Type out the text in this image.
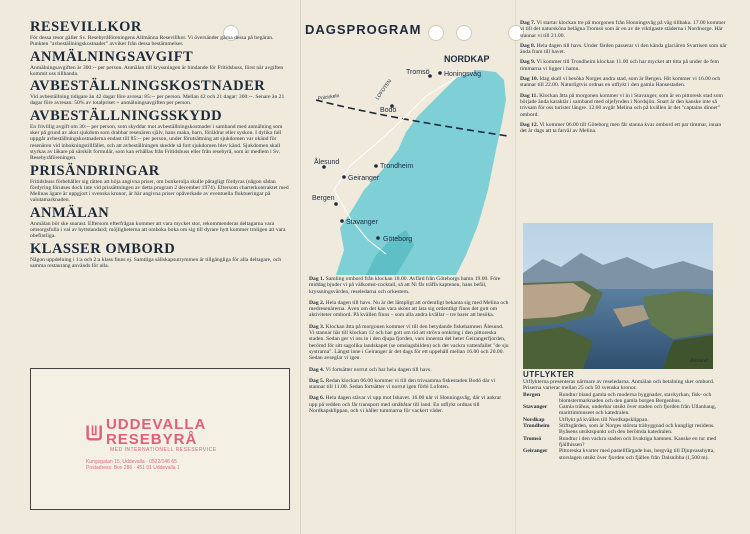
RESEVILLKOR

För dessa resor gäller Sv. Resebyråföreningens Allmänna Resevillkor. Vi översänder gärna dessa på begäran. Punkten "avbeställningskostnader" avviker från dessa bestämmelser.

ANMÄLNINGSAVGIFT

Anmälningsavgiften är 300:-- per person. Anmälan till kryssningen är bindande för Fritidsbuss, först när avgiften kommit oss tillhanda.

AVBESTÄLLNINGSKOSTNADER

Vid avbeställning tidigare än 42 dagar före avresa: 85:-- per person. Mellan 42 och 21 dagar: 300:--. Senare än 21 dagar före avresan: 50% av totalpriset + anmälningsavgiften per person.

AVBESTÄLLNINGSSKYDD

En frivillig avgift om 30:-- per person, som skyddar mot avbeställningskostnader i samband med anmälning som sker på grund av akut sjukdom som drabbar resenären själv, hans maka, barn, föräldrar eller syskon. I dylika fall uppgår avbeställningskostnaderna endast till 85:-- per person, under förutsättning att sjukdomen var okänd för resenären vid inbokningstillfället, och att avbeställningen skedde så fort sjukdomen blev känd. Sjukdomen skall styrkas av läkare på särskilt formulär, som kan erhållas från Fritidsbuss eller från resebyrå, som är medlem i Sv. Resebyråföreningen.

PRISÄNDRINGAR

Fritidsbuss förbehåller sig rätten att höja angivna priser, om bunkerolja skulle påtagligt fördyras (någon sådan fördyring förutses dock inte vid prissättningen av detta program 2 december 1974). Eftersom charterkontraktet med Melinas ägare är uppgjort i svenska kronor, är här angivna priser opåverkade av eventuella fluktueringar på valutamarknaden.

ANMÄLAN

Anmälan bör ske snarast. Eftersom efterfrågan kommer att vara mycket stor, rekommenderas deltagarna vara omsorgsfulla i val av hyttstandard; möjligheterna att omboka boka om sig till dyrare hytt kommer troligen att vara obefintliga.

KLASSER OMBORD

Någon uppdelning i 1:a och 2:a klass finns ej. Samtliga sällskapsutrymmen är tillgängliga för alla deltagare, och samma restaurang används för alla.

UDDEVALLA RESEBYRÅ
MED INTERNATIONELL RESESERVICE
Kungsgatan 15, Uddevalla · 0522/146 65
Postadress: Box 286 · 451 01 Uddevalla 1
DAGSPROGRAM
NORDKAP
Polcirkeln	LOFOTEN
Tromsö Honingsvåg
Bodö
Ålesund
Trondheim
Geiranger
Bergen
Stavanger
Göteborg

Dag 1. Samling ombord från klockan 18.00. Avfärd från Göteborgs hamn 19.00. Före middag bjuder vi på välkomst-cocktail, så att Ni får träffa kaptenen, hans befäl, kryssningsvärden, reseledarna och orkestern.

Dag 2. Hela dagen till havs. Nu är det lämpligt att ordentligt bekanta sig med Melina och medresenärerna. Även om det kan vara skönt att lata sig ordentligt finns det gott om aktiviteter ombord. På kvällen finns – som alla andra kvällar – tre barer att besöka.

Dag 3. Klockan åtta på morgonen kommer vi till den betydande fiskehamnen Ålesund. Vi stannar här till klockan 12 och har gott om tid att ströva omkring i den pittoreska staden. Sedan ger vi oss in i den djupa fjorden, vars innersta del heter Geirangerfjorden, berömd för sitt sagolika landskapet (se omslagsbilden) och det vackra vattenfallet "de sju systrarna". Längst inne i Geiranger är det dags för ett uppehåll mellan 16.00 och 20.00. Sedan avseglar vi igen.

Dag 4. Vi fortsätter norrut och har hela dagen till havs.

Dag 5. Redan klockan 06.00 kommer vi till den trivsamma fiskestaden Bodö där vi stannar till 11.00. Sedan fortsätter vi norrut igen förbi Lofoten.

Dag 6. Hela dagen stävar vi upp mot Ishavet. 16.00 når vi Honningsvåg, där vi ankrar upp på redden och får transport med småbåtar till land. En utflykt ordnas till Nordkapsklippan, och vi håller tummarna för vackert väder.

Dag 7. Vi startar klockan tre på morgonen från Honningsvåg på väg tillbaka. 17.00 kommer vi till det natursköna belägna Tromsö som är en av de viktigaste städerna i Nordnorge. Här stannar vi till 21.00.

Dag 8. Hela dagen till havs. Under färden passerar vi den kända glaciären Svartisen som när ända fram till havet.

Dag 9. Vi kommer till Trondheim klockan 11.00 och har mycket att titta på under de fem timmarna vi ligger i hamn.

Dag 10. Idag skall vi besöka Norges andra stad, som är Bergen. Hit kommer vi 16.00 och stannar till 22.00. Naturligtvis ordnas en utflykt i den gamla Hansestaden.

Dag 11. Klockan åtta på morgonen kommer vi in i Stavanger, som är en pittoresk stad som började ända karaktär i samband med oljefynden i Nordsjön. Snart är den kanske inte så trivsam för oss turister längre. 12.00 avgår Melina och på kvällen är det "captains dinner" ombord.

Dag 12. Vi kommer 06.00 till Göteborg men får stanna kvar ombord ett par timmar, innan det är dags att ta farväl av Melina.

Ålesund
UTFLYKTER

Utflykterna presenteras närmare av reseledarna. Anmälan och betalning sker ombord. Priserna varierar mellan 25 och 50 svenska kronor.

Bergen	Rundtur bland gamla och moderna byggnader, stavkyrkan, fisk- och blomstermarknaden och den gamla borgen Bergenhus.
Stavanger	Gamla trähus, underbar utsikt över staden och fjorden från Ullanhaug, marittimmuseet och katedralen.
Nordkap	Utflykt på kvällen till Nordkapsklippan.
Trondheim	Stiftsgården, som är Norges största träbyggnad och kungligt residens. Byåsens utsiktspunkt och den berömda katedralen.
Tromsö	Rundtur i den vackra staden och livaktiga hamnen. Kanske en tur med fjällhissen?
Geiranger	Pittoreska kvarter med pastellfärgade hus, bergväg till Djupvasshytta, storslagen utsikt över fjorden och fjällen från Dalsnibba (1,500 m).
